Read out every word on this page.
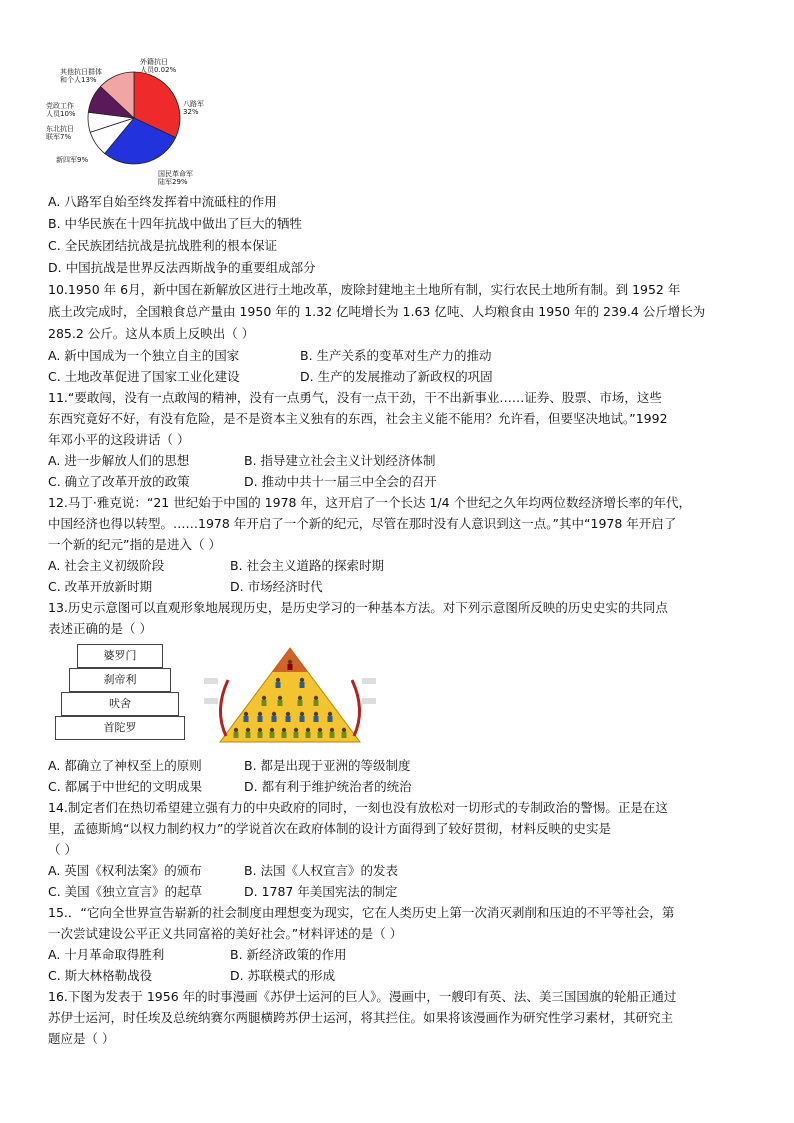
外籍抗日
人员0.02%
其他抗日群体
和个人13%
八路军
32%
党政工作
人员10%
东北抗日
联军7%
新四军9%
国民革命军
陆军29%
A. 八路军自始至终发挥着中流砥柱的作用
B. 中华民族在十四年抗战中做出了巨大的牺牲
C. 全民族团结抗战是抗战胜利的根本保证
D. 中国抗战是世界反法西斯战争的重要组成部分
10.1950 年 6月，新中国在新解放区进行土地改革，废除封建地主土地所有制，实行农民土地所有制。到 1952 年
底土改完成时，全国粮食总产量由 1950 年的 1.32 亿吨增长为 1.63 亿吨、人均粮食由 1950 年的 239.4 公斤增长为
285.2 公斤。这从本质上反映出（ ）
A. 新中国成为一个独立自主的国家	B. 生产关系的变革对生产力的推动
C. 土地改革促进了国家工业化建设	D. 生产的发展推动了新政权的巩固
11.“要敢闯，没有一点敢闯的精神，没有一点勇气，没有一点干劲，干不出新事业……证券、股票、市场，这些
东西究竟好不好，有没有危险，是不是资本主义独有的东西，社会主义能不能用？允许看，但要坚决地试。”1992
年邓小平的这段讲话（ ）
A. 进一步解放人们的思想	B. 指导建立社会主义计划经济体制
C. 确立了改革开放的政策	D. 推动中共十一届三中全会的召开
12.马丁·雅克说：“21 世纪始于中国的 1978 年，这开启了一个长达 1/4 个世纪之久年均两位数经济增长率的年代，
中国经济也得以转型。……1978 年开启了一个新的纪元，尽管在那时没有人意识到这一点。”其中“1978 年开启了
一个新的纪元”指的是进入（ ）
A. 社会主义初级阶段	B. 社会主义道路的探索时期
C. 改革开放新时期	D. 市场经济时代
13.历史示意图可以直观形象地展现历史，是历史学习的一种基本方法。对下列示意图所反映的历史史实的共同点
表述正确的是（ ）
婆罗门
刹帝利
吠舍
首陀罗
A. 都确立了神权至上的原则	B. 都是出现于亚洲的等级制度
C. 都属于中世纪的文明成果	D. 都有利于维护统治者的统治
14.制定者们在热切希望建立强有力的中央政府的同时，一刻也没有放松对一切形式的专制政治的警惕。正是在这
里，孟德斯鸠“以权力制约权力”的学说首次在政府体制的设计方面得到了较好贯彻，材料反映的史实是
（ ）
A. 英国《权利法案》的颁布	B. 法国《人权宣言》的发表
C. 美国《独立宣言》的起草	D. 1787 年美国宪法的制定
15.．“它向全世界宣告崭新的社会制度由理想变为现实，它在人类历史上第一次消灭剥削和压迫的不平等社会，第
一次尝试建设公平正义共同富裕的美好社会。”材料评述的是（ ）
A. 十月革命取得胜利	B. 新经济政策的作用
C. 斯大林格勒战役	D. 苏联模式的形成
16.下图为发表于 1956 年的时事漫画《苏伊士运河的巨人》。漫画中，一艘印有英、法、美三国国旗的轮船正通过
苏伊士运河，时任埃及总统纳赛尔两腿横跨苏伊士运河，将其拦住。如果将该漫画作为研究性学习素材，其研究主
题应是（ ）
